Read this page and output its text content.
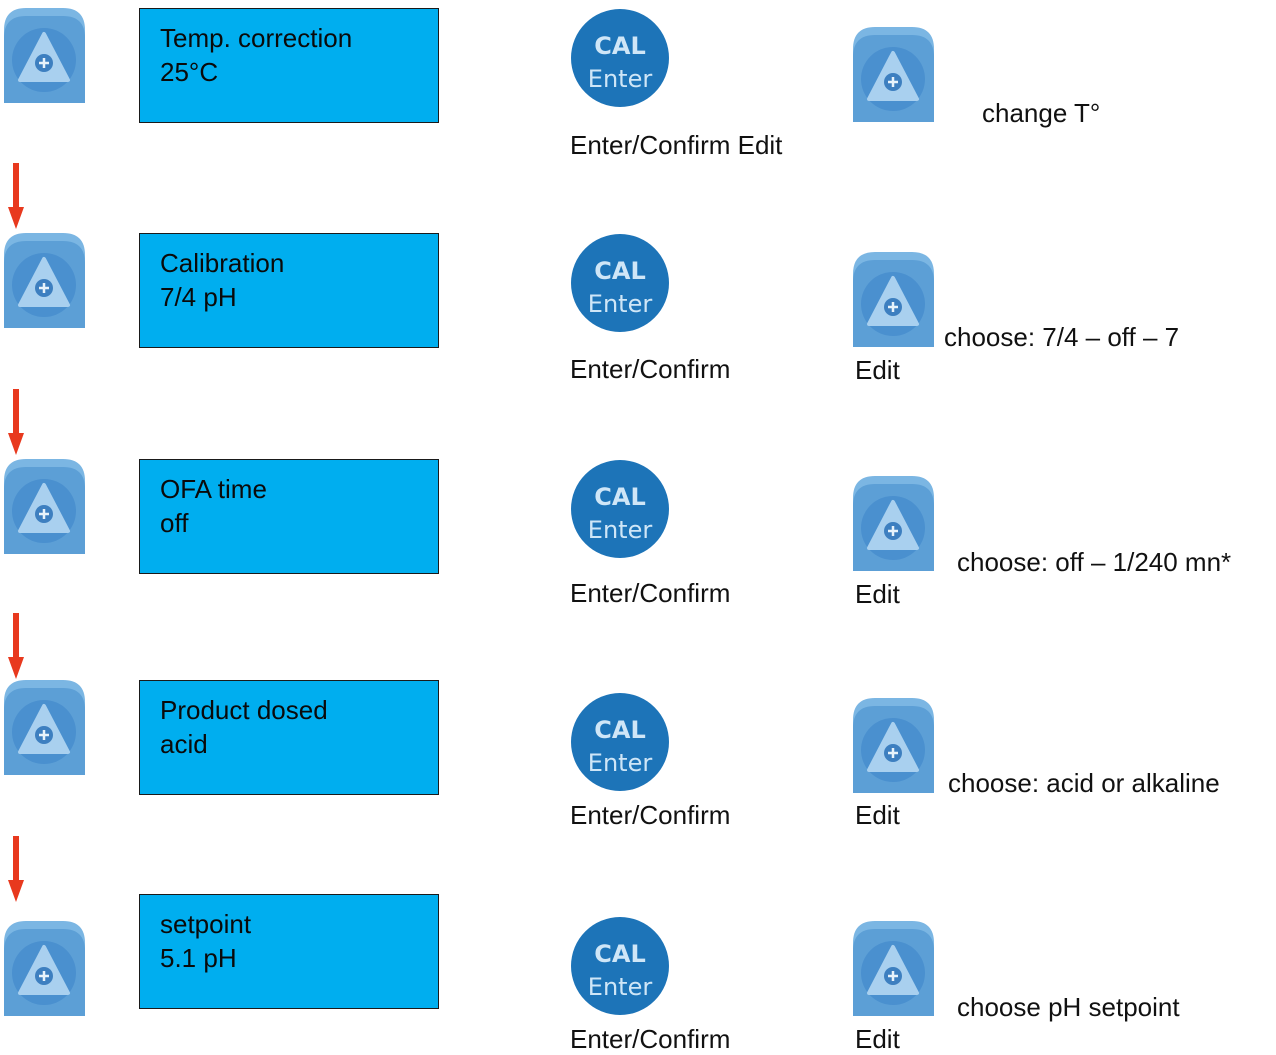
Temp. correction
25°C
CAL
Enter
Enter/Confirm Edit
change T°
Calibration
7/4 pH
CAL
Enter
Enter/Confirm	Edit
choose: 7/4 – off – 7
OFA time
off
CAL
Enter
Enter/Confirm	Edit
choose: off – 1/240 mn*
Product dosed
acid	CAL
Enter
Enter/Confirm	Edit
choose: acid or alkaline
setpoint
5.1 pH	CAL
Enter
Enter/Confirm	Edit
choose pH setpoint
